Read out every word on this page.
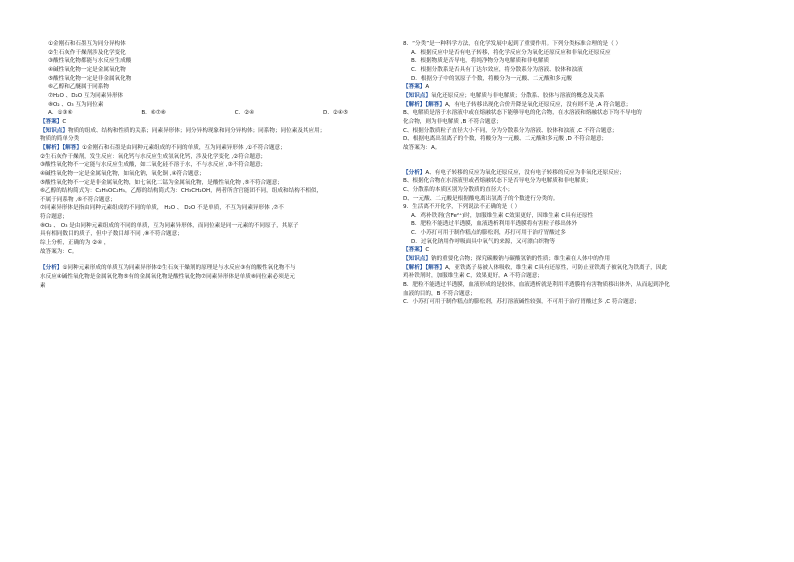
①金刚石和石墨互为同分异构体
②生石灰作干燥剂涉及化学变化
③酸性氧化物都能与水反应生成酸
④碱性氧化物一定是金属氧化物
⑤酸性氧化物一定是非金属氧化物
⑥乙醇和乙醚属于同系物
⑦H₂O 、D₂O 互为同素异形体
⑧O₂ 、O₃ 互为同位素
A．①③⑥	B．⑥⑦⑧	C．②④	D．②④⑤
【答案】C
【知识点】物质的组成、结构和性质的关系；同素异形体；同分异构现象和同分异构体；同系物；同位素及其应用；
物质的简单分类
【解析】【解答】①金刚石和石墨是由同种元素组成的不同的单质，互为同素异形体 ,①不符合题意；
②生石灰作干燥剂，发生反应：氧化钙与水反应生成氢氧化钙，涉及化学变化 ,②符合题意；
③酸性氧化物不一定能与水反应生成酸，如二氧化硅不溶于水，不与水反应 ,③不符合题意；
④碱性氧化物一定是金属氧化物，如氧化钠，氧化铜 ,④符合题意；
⑤酸性氧化物不一定是非金属氧化物，如七氧化二锰为金属氧化物，是酸性氧化物 ,⑤不符合题意；
⑥乙醇的结构简式为：C₂H₅OC₂H₅，乙醇的结构简式为：CH₃CH₂OH，两者所含官能团不同，组成和结构不相似，
不属于同系物 ,⑥不符合题意；
⑦同素异形体是指由同种元素组成的不同的单质， H₂O 、 D₂O 不是单质，不互为同素异形体 ,⑦不
符合题意；
⑧O₂ 、 O₃ 是由同种元素组成的不同的单质，互为同素异形体，而同位素是同一元素的不同原子，其原子
具有相同数目的质子，但中子数目却不同 ,⑧不符合题意；
综上分析，正确的为 ②④ ，
故答案为：C。
【分析】①同种元素形成的单质互为同素异形体②生石灰干燥剂的原理是与水反应③有的酸性氧化物不与
水反应④碱性氧化物是金属氧化物⑤有的金属氧化物是酸性氧化物⑦同素异形体是单质⑧同位素必须是元
素
8．“分类”是一种科学方法，在化学发展中起到了重要作用。下列分类标准合理的是（ ）
A．根据反应中是否有电子转移，将化学反应分为氧化还原反应和非氧化还原反应
B．根据物质是否导电，将纯净物分为电解质和非电解质
C．根据分散系是否具有丁达尔效应，将分散系分为溶液、胶体和浊液
D．根据分子中的氢原子个数，将酸分为一元酸、二元酸和多元酸
【答案】A
【知识点】氧化还原反应；电解质与非电解质；分散系、胶体与溶液的概念及关系
【解析】【解答】A，有电子转移出现化合价升降是氧化还原反应，没有则不是 ,A 符合题意；
B、电解质是溶于水溶液中或在熔融状态下能够导电的化合物，在水溶液和熔融状态下均不导电的
化合物，则为非电解质 ,B 不符合题意；
C、根据分散质粒子直径大小不同，分为分散系分为溶液、胶体和浊液 ,C 不符合题意；
D、根据电离出氢离子的个数，将酸分为一元酸、二元酸和多元酸 ,D 不符合题意；
故答案为：A。
【分析】A、有电子转移的反应为氧化还原反应，没有电子转移的反应为非氧化还原反应；
B、根据化合物在水溶液里或者熔融状态下是否导电分为电解质和非电解质；
C、分散系的本质区别为分散质的直径大小；
D、一元酸、二元酸是根据酸电离出氢离子的个数进行分类的。
9．生活离不开化学，下列说法不正确的是（ ）
A．鸡补铁剂(含Fe²⁺)时，加服维生素 C效果更好，因维生素 C具有还原性
B．肥粒不能透过半透膜，血液透析利用半透膜将有害粒子移出体外
C．小苏打可用于制作糕点的膨松剂，苏打可用于治疗胃酸过多
D．过氧化钠用作呼吸面具中氧气的来源，又可漂白织物等
【答案】C
【知识点】钠的重要化合物；探究碳酸钠与碳酸氢钠的性质；维生素在人体中的作用
【解析】【解答】A，亚铁离子易被人体吸收，维生素 C具有还原性，可防止亚铁离子被氧化为铁离子，因此
鸡补铁剂时，加服维生素 C，效果更好，A 不符合题意；
B．肥粒不能透过半透膜，血液形成的是胶体，血液透析就是利用半透膜将有害物质移出体外，从而起到净化
血液的目的，B 不符合题意；
C．小苏打可用于制作糕点的膨松剂，苏打溶液碱性较强，不可用于治疗胃酸过多 ,C 符合题意；
